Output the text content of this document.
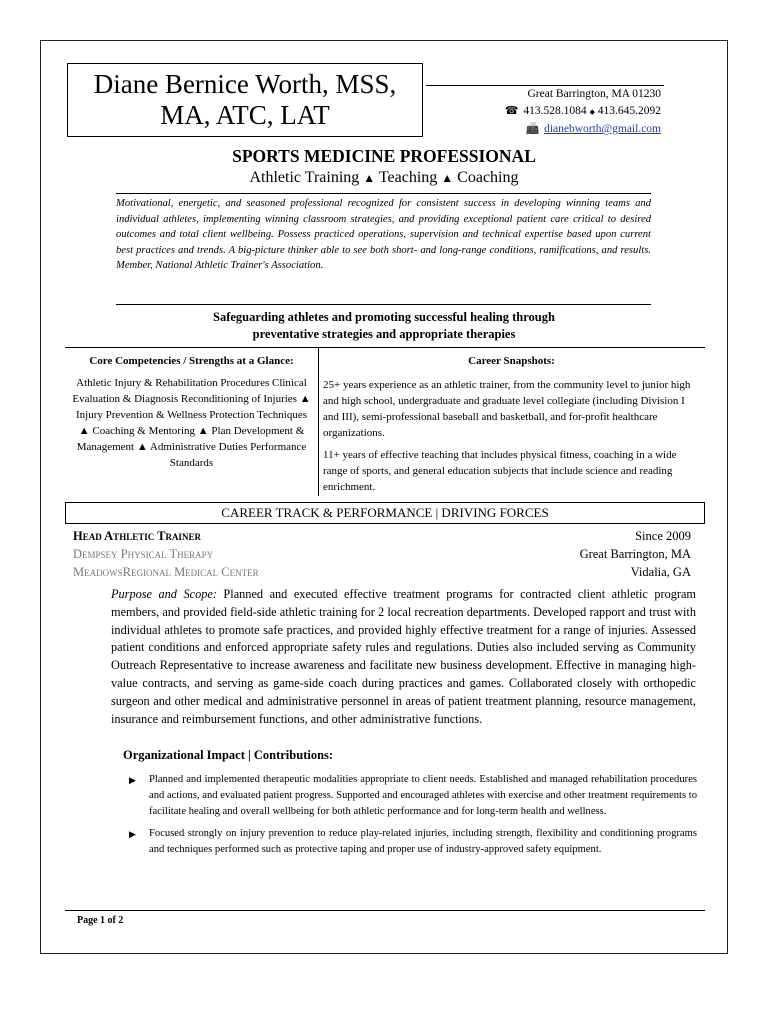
Diane Bernice Worth, MSS,
MA, ATC, LAT
Great Barrington, MA 01230
☎ 413.528.1084 ◆ 413.645.2092
📠 dianebworth@gmail.com
SPORTS MEDICINE PROFESSIONAL
Athletic Training ▲ Teaching ▲ Coaching
Motivational, energetic, and seasoned professional recognized for consistent success in developing winning teams and individual athletes, implementing winning classroom strategies, and providing exceptional patient care critical to desired outcomes and total client wellbeing. Possess practiced operations, supervision and technical expertise based upon current best practices and trends. A big-picture thinker able to see both short- and long-range conditions, ramifications, and results. Member, National Athletic Trainer's Association.
Safeguarding athletes and promoting successful healing through
preventative strategies and appropriate therapies
Core Competencies / Strengths at a Glance:
Athletic Injury & Rehabilitation Procedures Clinical Evaluation & Diagnosis Reconditioning of Injuries ▲ Injury Prevention & Wellness Protection Techniques ▲ Coaching & Mentoring ▲ Plan Development & Management ▲ Administrative Duties Performance Standards
Career Snapshots:

25+ years experience as an athletic trainer, from the community level to junior high and high school, undergraduate and graduate level collegiate (including Division I and III), semi-professional baseball and basketball, and for-profit healthcare organizations.

11+ years of effective teaching that includes physical fitness, coaching in a wide range of sports, and general education subjects that include science and reading enrichment.

CAREER TRACK & PERFORMANCE | DRIVING FORCES
Head Athletic Trainer	Since 2009
Dempsey Physical Therapy	Great Barrington, MA
MeadowsRegional Medical Center	Vidalia, GA
Purpose and Scope: Planned and executed effective treatment programs for contracted client athletic program members, and provided field-side athletic training for 2 local recreation departments. Developed rapport and trust with individual athletes to promote safe practices, and provided highly effective treatment for a range of injuries. Assessed patient conditions and enforced appropriate safety rules and regulations. Duties also included serving as Community Outreach Representative to increase awareness and facilitate new business development. Effective in managing high-value contracts, and serving as game-side coach during practices and games. Collaborated closely with orthopedic surgeon and other medical and administrative personnel in areas of patient treatment planning, resource management, insurance and reimbursement functions, and other administrative functions.
Organizational Impact | Contributions:
▶ Planned and implemented therapeutic modalities appropriate to client needs. Established and managed rehabilitation procedures and actions, and evaluated patient progress. Supported and encouraged athletes with exercise and other treatment requirements to facilitate healing and overall wellbeing for both athletic performance and for long-term health and wellness.
▶ Focused strongly on injury prevention to reduce play-related injuries, including strength, flexibility and conditioning programs and techniques performed such as protective taping and proper use of industry-approved safety equipment.
Page 1 of 2
